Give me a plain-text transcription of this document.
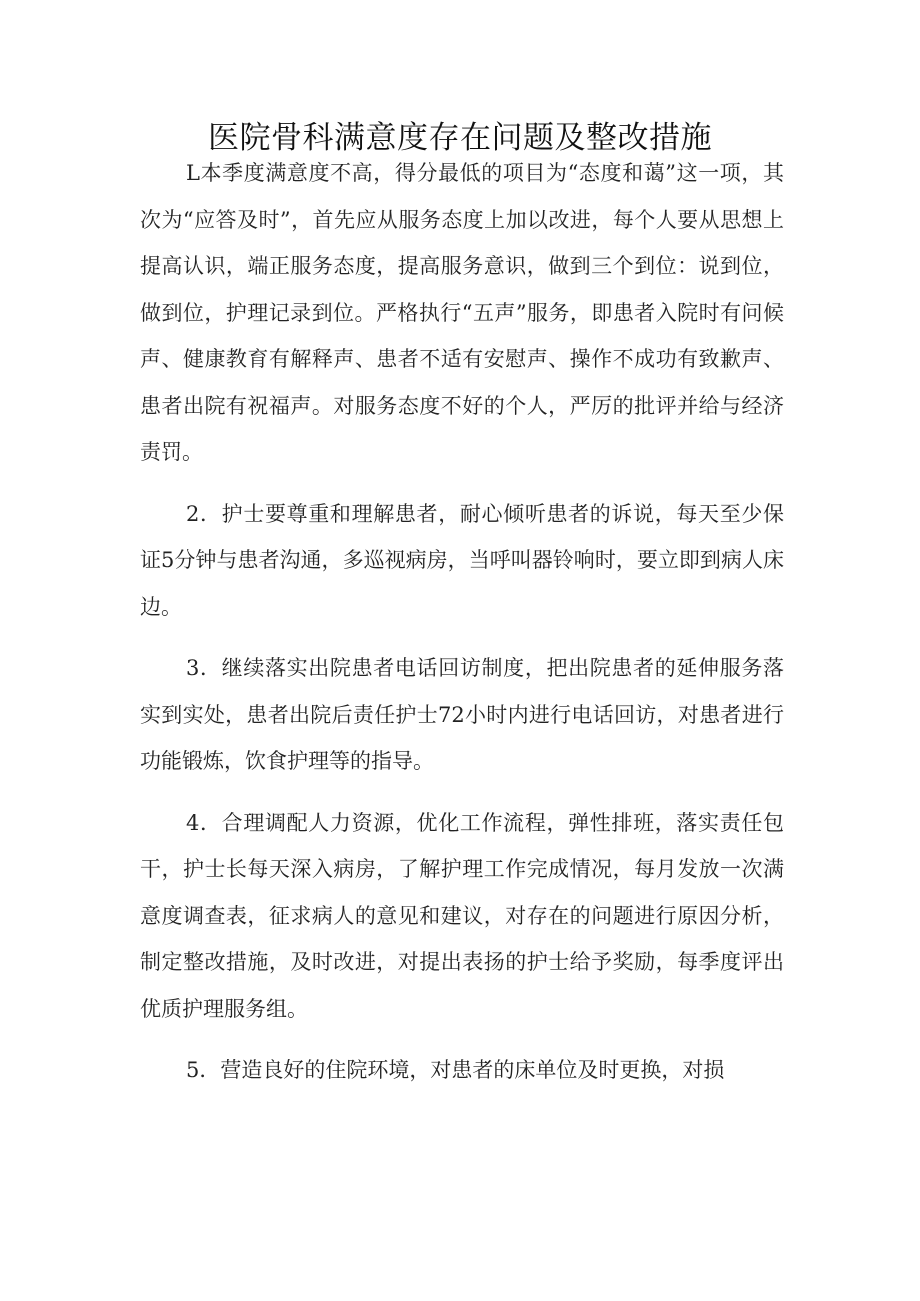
医院骨科满意度存在问题及整改措施

L本季度满意度不高，得分最低的项目为“态度和蔼”这一项，其次为“应答及时”，首先应从服务态度上加以改进，每个人要从思想上提高认识，端正服务态度，提高服务意识，做到三个到位：说到位，做到位，护理记录到位。严格执行“五声”服务，即患者入院时有问候声、健康教育有解释声、患者不适有安慰声、操作不成功有致歉声、患者出院有祝福声。对服务态度不好的个人，严厉的批评并给与经济责罚。

2．护士要尊重和理解患者，耐心倾听患者的诉说，每天至少保证5分钟与患者沟通，多巡视病房，当呼叫器铃响时，要立即到病人床边。

3．继续落实出院患者电话回访制度，把出院患者的延伸服务落实到实处，患者出院后责任护士72小时内进行电话回访，对患者进行功能锻炼，饮食护理等的指导。

4．合理调配人力资源，优化工作流程，弹性排班，落实责任包干，护士长每天深入病房，了解护理工作完成情况，每月发放一次满意度调查表，征求病人的意见和建议，对存在的问题进行原因分析，制定整改措施，及时改进，对提出表扬的护士给予奖励，每季度评出优质护理服务组。

5．营造良好的住院环境，对患者的床单位及时更换，对损
